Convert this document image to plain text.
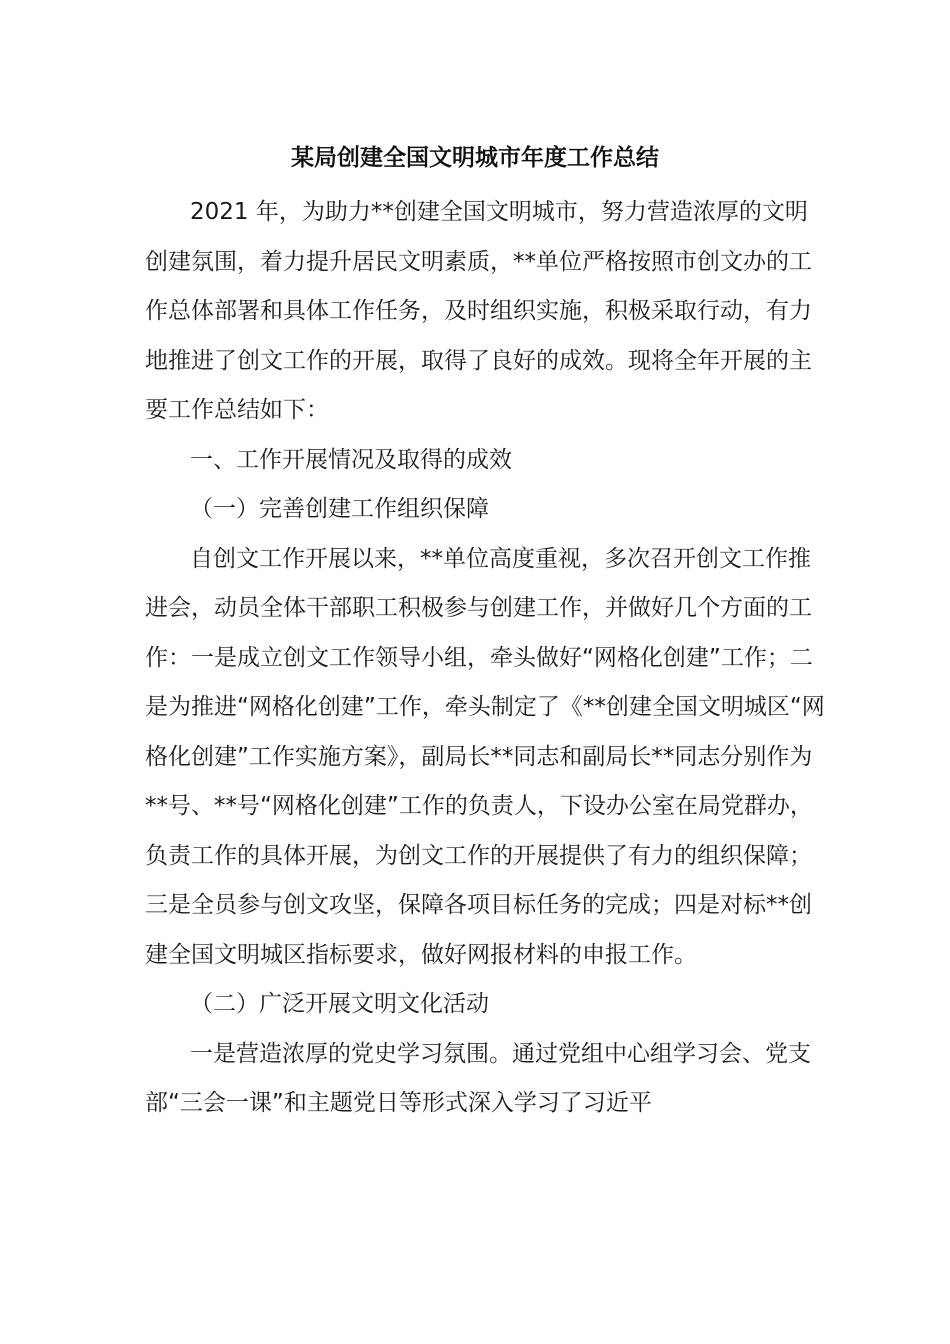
某局创建全国文明城市年度工作总结

2021 年，为助力**创建全国文明城市，努力营造浓厚的文明

创建氛围，着力提升居民文明素质，**单位严格按照市创文办的工

作总体部署和具体工作任务，及时组织实施，积极采取行动，有力

地推进了创文工作的开展，取得了良好的成效。现将全年开展的主

要工作总结如下：

一、工作开展情况及取得的成效

（一）完善创建工作组织保障

自创文工作开展以来，**单位高度重视，多次召开创文工作推

进会，动员全体干部职工积极参与创建工作，并做好几个方面的工

作：一是成立创文工作领导小组，牵头做好“网格化创建”工作；二

是为推进“网格化创建”工作，牵头制定了《**创建全国文明城区“网

格化创建”工作实施方案》，副局长**同志和副局长**同志分别作为

**号、**号“网格化创建”工作的负责人，下设办公室在局党群办，

负责工作的具体开展，为创文工作的开展提供了有力的组织保障；

三是全员参与创文攻坚，保障各项目标任务的完成；四是对标**创

建全国文明城区指标要求，做好网报材料的申报工作。

（二）广泛开展文明文化活动

一是营造浓厚的党史学习氛围。通过党组中心组学习会、党支

部“三会一课”和主题党日等形式深入学习了习近平
